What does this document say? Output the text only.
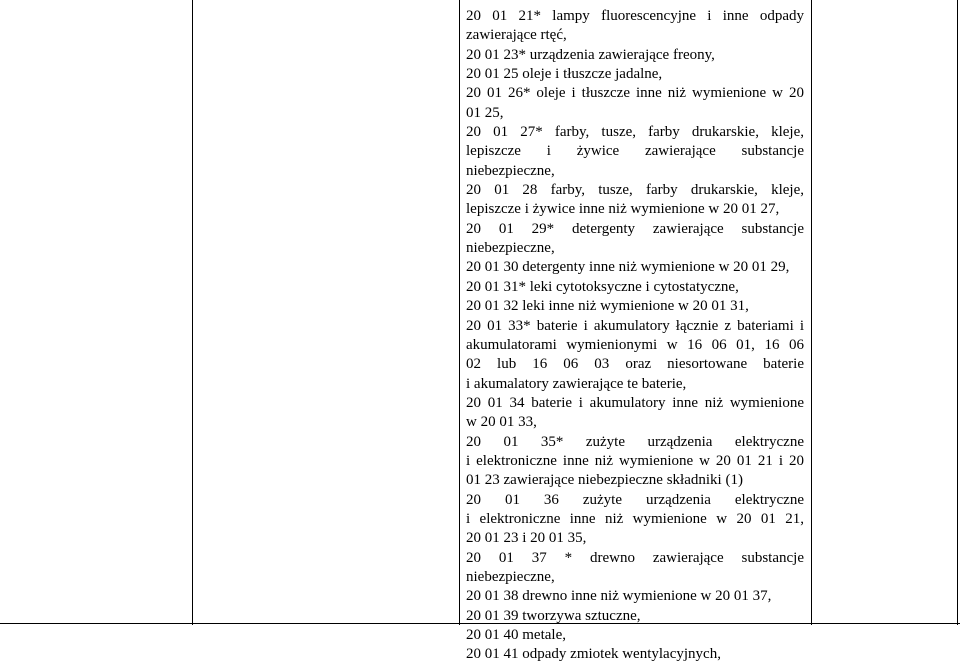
20 01 21* lampy fluorescencyjne i inne odpady
zawierające rtęć,
20 01 23* urządzenia zawierające freony,
20 01 25 oleje i tłuszcze jadalne,
20 01 26* oleje i tłuszcze inne niż wymienione w 20
01 25,
20 01 27* farby, tusze, farby drukarskie, kleje,
lepiszcze i żywice zawierające substancje
niebezpieczne,
20 01 28 farby, tusze, farby drukarskie, kleje,
lepiszcze i żywice inne niż wymienione w 20 01 27,
20 01 29* detergenty zawierające substancje
niebezpieczne,
20 01 30 detergenty inne niż wymienione w 20 01 29,
20 01 31* leki cytotoksyczne i cytostatyczne,
20 01 32 leki inne niż wymienione w 20 01 31,
20 01 33* baterie i akumulatory łącznie z bateriami i
akumulatorami wymienionymi w 16 06 01, 16 06
02 lub 16 06 03 oraz niesortowane baterie
i akumalatory zawierające te baterie,
20 01 34 baterie i akumulatory inne niż wymienione
w 20 01 33,
20 01 35* zużyte urządzenia elektryczne
i elektroniczne inne niż wymienione w 20 01 21 i 20
01 23 zawierające niebezpieczne składniki (1)
20 01 36 zużyte urządzenia elektryczne
i elektroniczne inne niż wymienione w 20 01 21,
20 01 23 i 20 01 35,
20 01 37 * drewno zawierające substancje
niebezpieczne,
20 01 38 drewno inne niż wymienione w 20 01 37,
20 01 39 tworzywa sztuczne,
20 01 40 metale,
20 01 41 odpady zmiotek wentylacyjnych,
